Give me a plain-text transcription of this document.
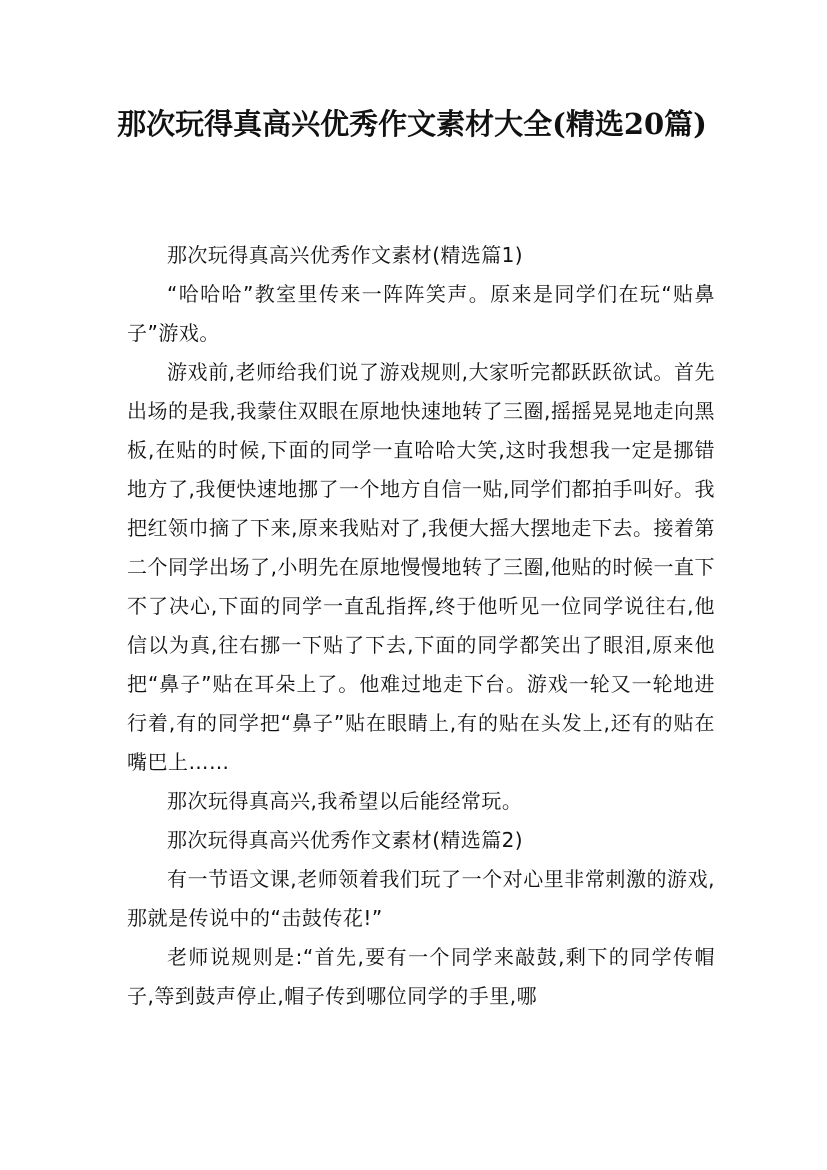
那次玩得真高兴优秀作文素材大全(精选20篇)

那次玩得真高兴优秀作文素材(精选篇1)

“哈哈哈”教室里传来一阵阵笑声。原来是同学们在玩“贴鼻子”游戏。

游戏前,老师给我们说了游戏规则,大家听完都跃跃欲试。首先出场的是我,我蒙住双眼在原地快速地转了三圈,摇摇晃晃地走向黑板,在贴的时候,下面的同学一直哈哈大笑,这时我想我一定是挪错地方了,我便快速地挪了一个地方自信一贴,同学们都拍手叫好。我把红领巾摘了下来,原来我贴对了,我便大摇大摆地走下去。接着第二个同学出场了,小明先在原地慢慢地转了三圈,他贴的时候一直下不了决心,下面的同学一直乱指挥,终于他听见一位同学说往右,他信以为真,往右挪一下贴了下去,下面的同学都笑出了眼泪,原来他把“鼻子”贴在耳朵上了。他难过地走下台。游戏一轮又一轮地进行着,有的同学把“鼻子”贴在眼睛上,有的贴在头发上,还有的贴在嘴巴上……

那次玩得真高兴,我希望以后能经常玩。

那次玩得真高兴优秀作文素材(精选篇2)

有一节语文课,老师领着我们玩了一个对心里非常刺激的游戏,那就是传说中的“击鼓传花!”

老师说规则是:“首先,要有一个同学来敲鼓,剩下的同学传帽子,等到鼓声停止,帽子传到哪位同学的手里,哪
